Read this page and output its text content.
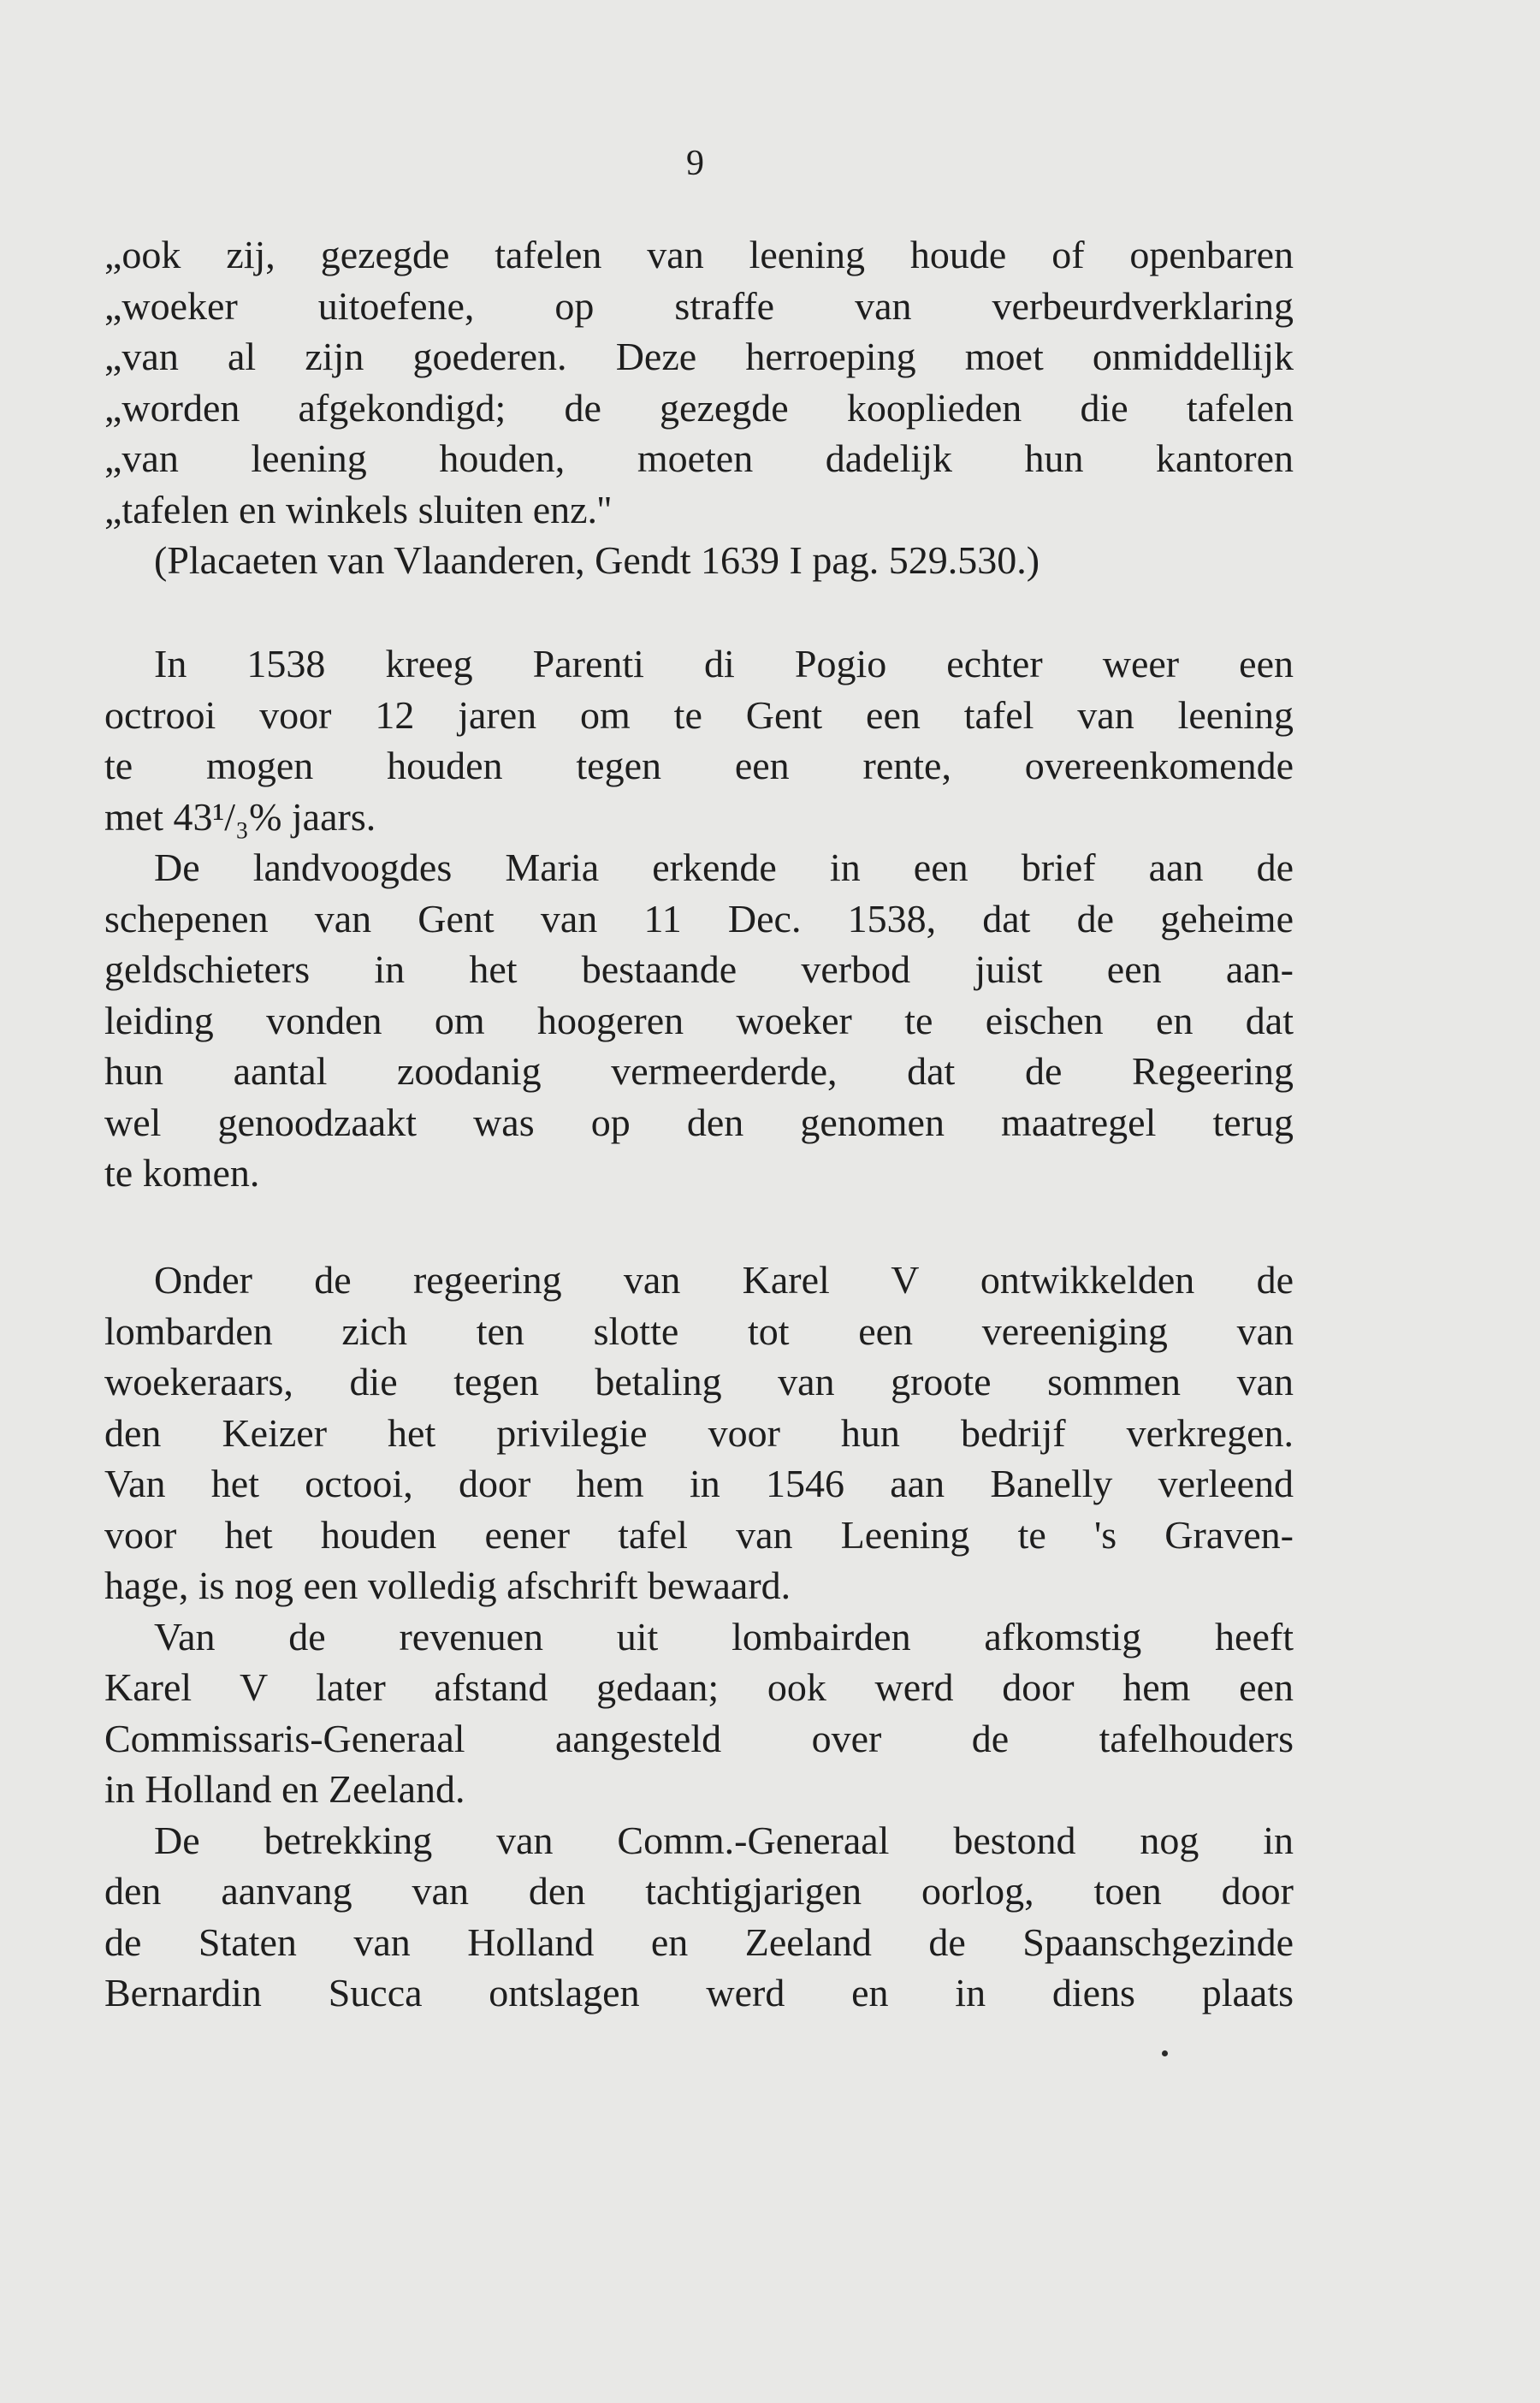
9
„ook zij, gezegde tafelen van leening houde of openbaren
„woeker uitoefene, op straffe van verbeurdverklaring
„van al zijn goederen. Deze herroeping moet onmiddellijk
„worden afgekondigd; de gezegde kooplieden die tafelen
„van leening houden, moeten dadelijk hun kantoren
„tafelen en winkels sluiten enz.''
(Placaeten van Vlaanderen, Gendt 1639 I pag. 529.530.)
In 1538 kreeg Parenti di Pogio echter weer een
octrooi voor 12 jaren om te Gent een tafel van leening
te mogen houden tegen een rente, overeenkomende
met 43¹/₃% jaars.
De landvoogdes Maria erkende in een brief aan de
schepenen van Gent van 11 Dec. 1538, dat de geheime
geldschieters in het bestaande verbod juist een aan-
leiding vonden om hoogeren woeker te eischen en dat
hun aantal zoodanig vermeerderde, dat de Regeering
wel genoodzaakt was op den genomen maatregel terug
te komen.
Onder de regeering van Karel V ontwikkelden de
lombarden zich ten slotte tot een vereeniging van
woekeraars, die tegen betaling van groote sommen van
den Keizer het privilegie voor hun bedrijf verkregen.
Van het octooi, door hem in 1546 aan Banelly verleend
voor het houden eener tafel van Leening te 's Graven-
hage, is nog een volledig afschrift bewaard.
Van de revenuen uit lombairden afkomstig heeft
Karel V later afstand gedaan; ook werd door hem een
Commissaris-Generaal aangesteld over de tafelhouders
in Holland en Zeeland.
De betrekking van Comm.-Generaal bestond nog in
den aanvang van den tachtigjarigen oorlog, toen door
de Staten van Holland en Zeeland de Spaanschgezinde
Bernardin Succa ontslagen werd en in diens plaats
